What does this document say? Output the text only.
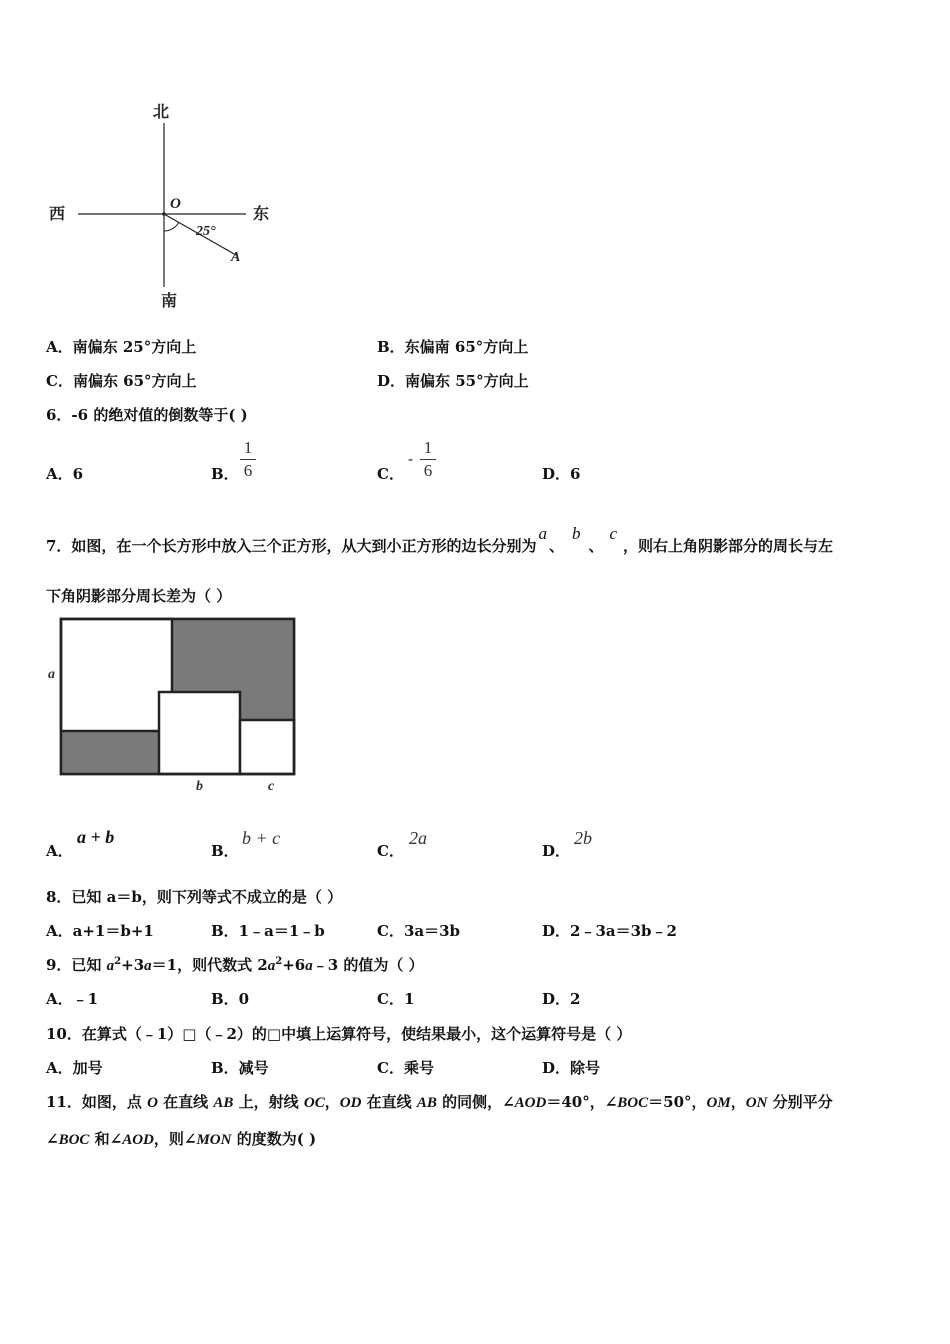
北
南
西	东
O
25°
A
A．南偏东 25°方向上	B．东偏南 65°方向上
C．南偏东 65°方向上	D．南偏东 55°方向上
6．-6 的绝对值的倒数等于( )
A．6	B．
1
6	C．
-
1
6	D．6
7．如图，在一个长方形中放入三个正方形，从大到小正方形的边长分别为a、b、c，则右上角阴影部分的周长与左
下角阴影部分周长差为（ ）
a
b	c
A．
a + b
B．
b + c
C．
2a
D．
2b
8．已知 a＝b，则下列等式不成立的是（ ）
A．a+1＝b+1	B．1﹣a＝1﹣b	C．3a＝3b	D．2﹣3a＝3b﹣2
9．已知 $a^2+3a=1$，则代数式 $2a^2+6a﹣3$ 的值为（ ）
A．﹣1	B．0	C．1	D．2
10．在算式（﹣1）□（﹣2）的□中填上运算符号，使结果最小，这个运算符号是（ ）
A．加号	B．减号	C．乘号	D．除号
11．如图，点 O 在直线 AB 上，射线 OC，OD 在直线 AB 的同侧，∠AOD＝40°，∠BOC＝50°，OM，ON 分别平分
∠BOC 和∠AOD，则∠MON 的度数为( )
